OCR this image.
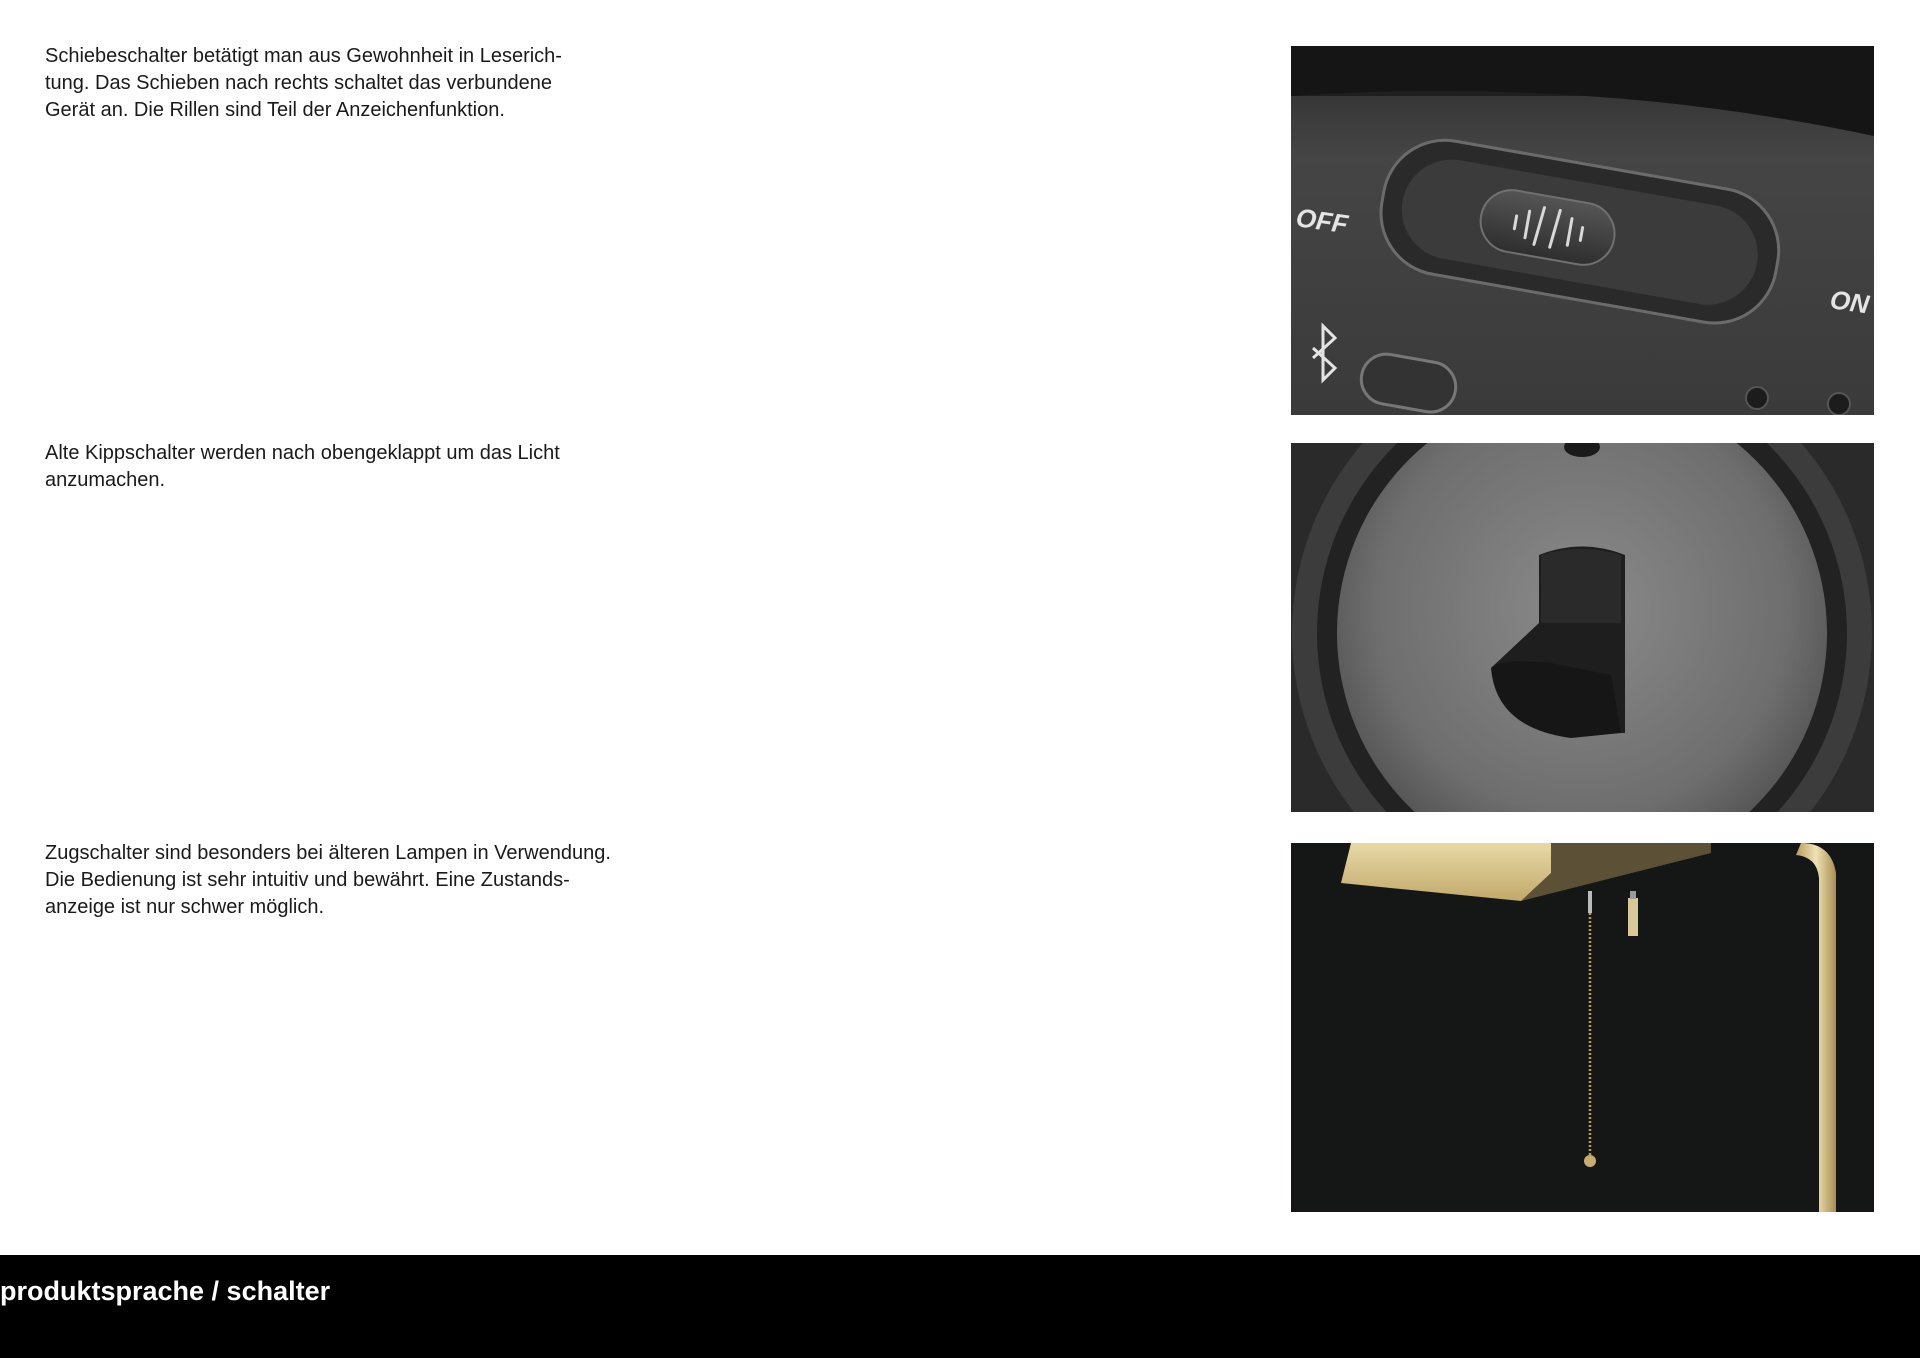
Schiebeschalter betätigt man aus Gewohnheit in Leserich-
tung. Das Schieben nach rechts schaltet das verbundene
Gerät an. Die Rillen sind Teil der Anzeichenfunktion.

OFF
ON

Alte Kippschalter werden nach obengeklappt um das Licht
anzumachen.

Zugschalter sind besonders bei älteren Lampen in Verwendung.
Die Bedienung ist sehr intuitiv und bewährt. Eine Zustands-
anzeige ist nur schwer möglich.

produktsprache / schalter
